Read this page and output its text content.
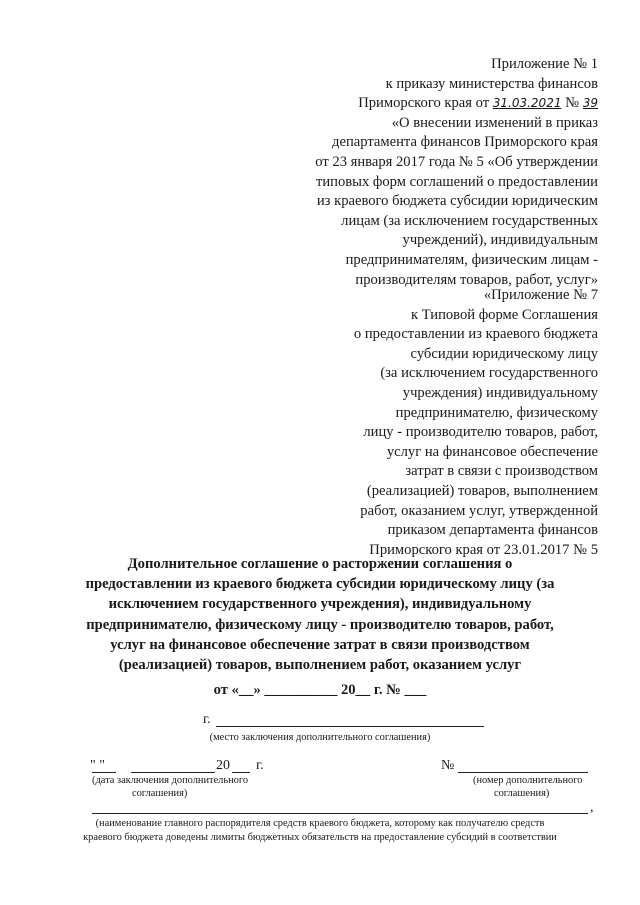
Приложение № 1
к приказу министерства финансов
Приморского края от 31.03.2021 № 39
«О внесении изменений в приказ
департамента финансов Приморского края
от 23 января 2017 года № 5 «Об утверждении
типовых форм соглашений о предоставлении
из краевого бюджета субсидии юридическим
лицам (за исключением государственных
учреждений), индивидуальным
предпринимателям, физическим лицам -
производителям товаров, работ, услуг»
«Приложение № 7
к Типовой форме Соглашения
о предоставлении из краевого бюджета
субсидии юридическому лицу
(за исключением государственного
учреждения) индивидуальному
предпринимателю, физическому
лицу - производителю товаров, работ,
услуг на финансовое обеспечение
затрат в связи с производством
(реализацией) товаров, выполнением
работ, оказанием услуг, утвержденной
приказом департамента финансов
Приморского края от 23.01.2017 № 5
Дополнительное соглашение о расторжении соглашения о
предоставлении из краевого бюджета субсидии юридическому лицу (за
исключением государственного учреждения), индивидуальному
предпринимателю, физическому лицу - производителю товаров, работ,
услуг на финансовое обеспечение затрат в связи производством
(реализацией) товаров, выполнением работ, оказанием услуг
от «__» __________ 20__ г. № ___
г.
(место заключения дополнительного соглашения)
" "	20 г.
(дата заключения дополнительного
соглашения)
№
(номер дополнительного
соглашения)
,
(наименование главного распорядителя средств краевого бюджета, которому как получателю средств
краевого бюджета доведены лимиты бюджетных обязательств на предоставление субсидий в соответствии
